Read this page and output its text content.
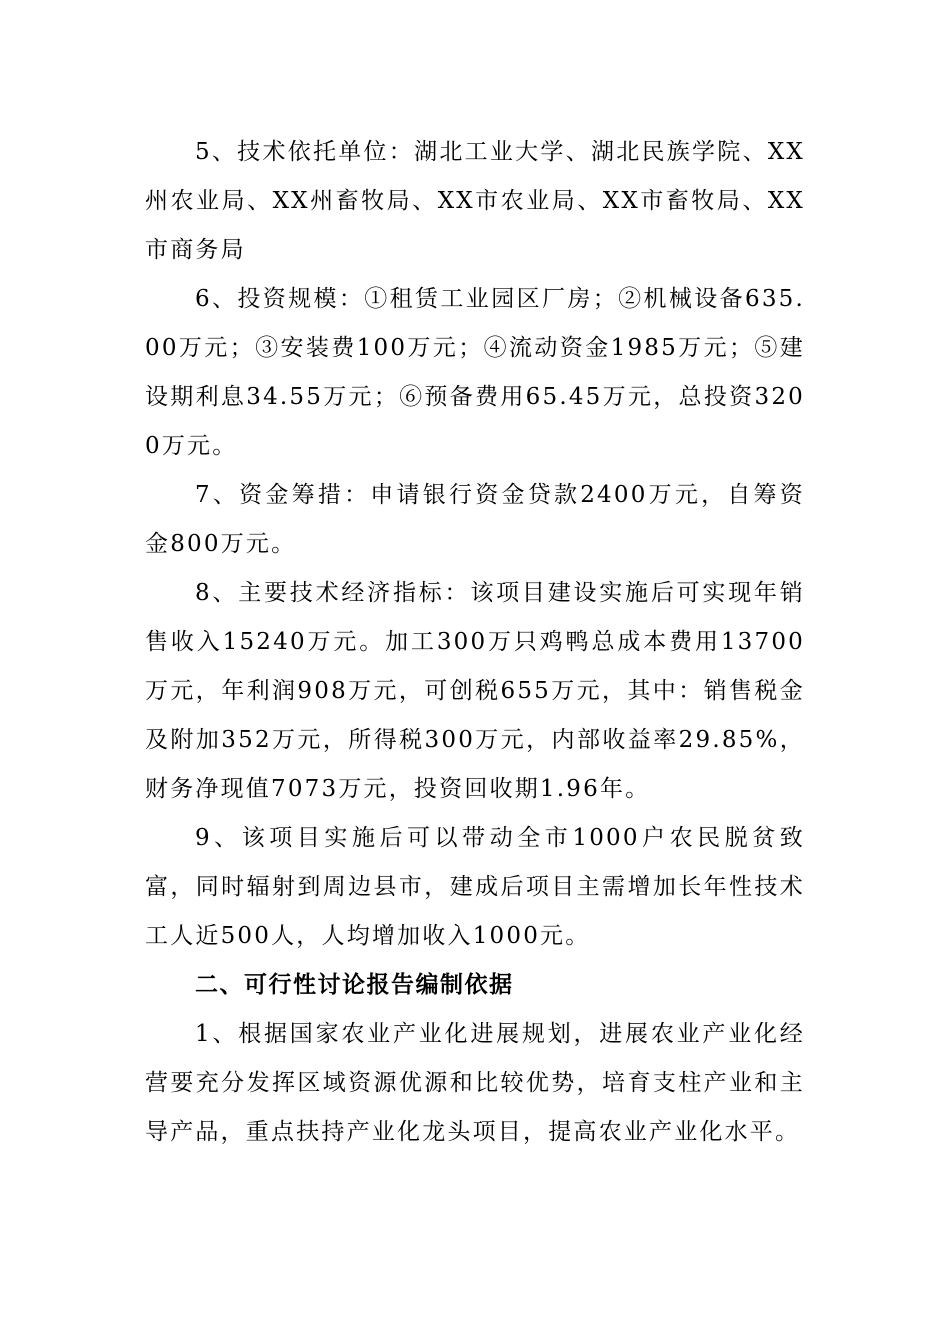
5、技术依托单位：湖北工业大学、湖北民族学院、XX州农业局、XX州畜牧局、XX市农业局、XX市畜牧局、XX市商务局

6、投资规模：①租赁工业园区厂房；②机械设备635.00万元；③安装费100万元；④流动资金1985万元；⑤建设期利息34.55万元；⑥预备费用65.45万元，总投资3200万元。

7、资金筹措：申请银行资金贷款2400万元，自筹资金800万元。

8、主要技术经济指标：该项目建设实施后可实现年销售收入15240万元。加工300万只鸡鸭总成本费用13700万元，年利润908万元，可创税655万元，其中：销售税金及附加352万元，所得税300万元，内部收益率29.85%，财务净现值7073万元，投资回收期1.96年。

9、该项目实施后可以带动全市1000户农民脱贫致富，同时辐射到周边县市，建成后项目主需增加长年性技术工人近500人，人均增加收入1000元。

二、可行性讨论报告编制依据

1、根据国家农业产业化进展规划，进展农业产业化经营要充分发挥区域资源优源和比较优势，培育支柱产业和主导产品，重点扶持产业化龙头项目，提高农业产业化水平。
